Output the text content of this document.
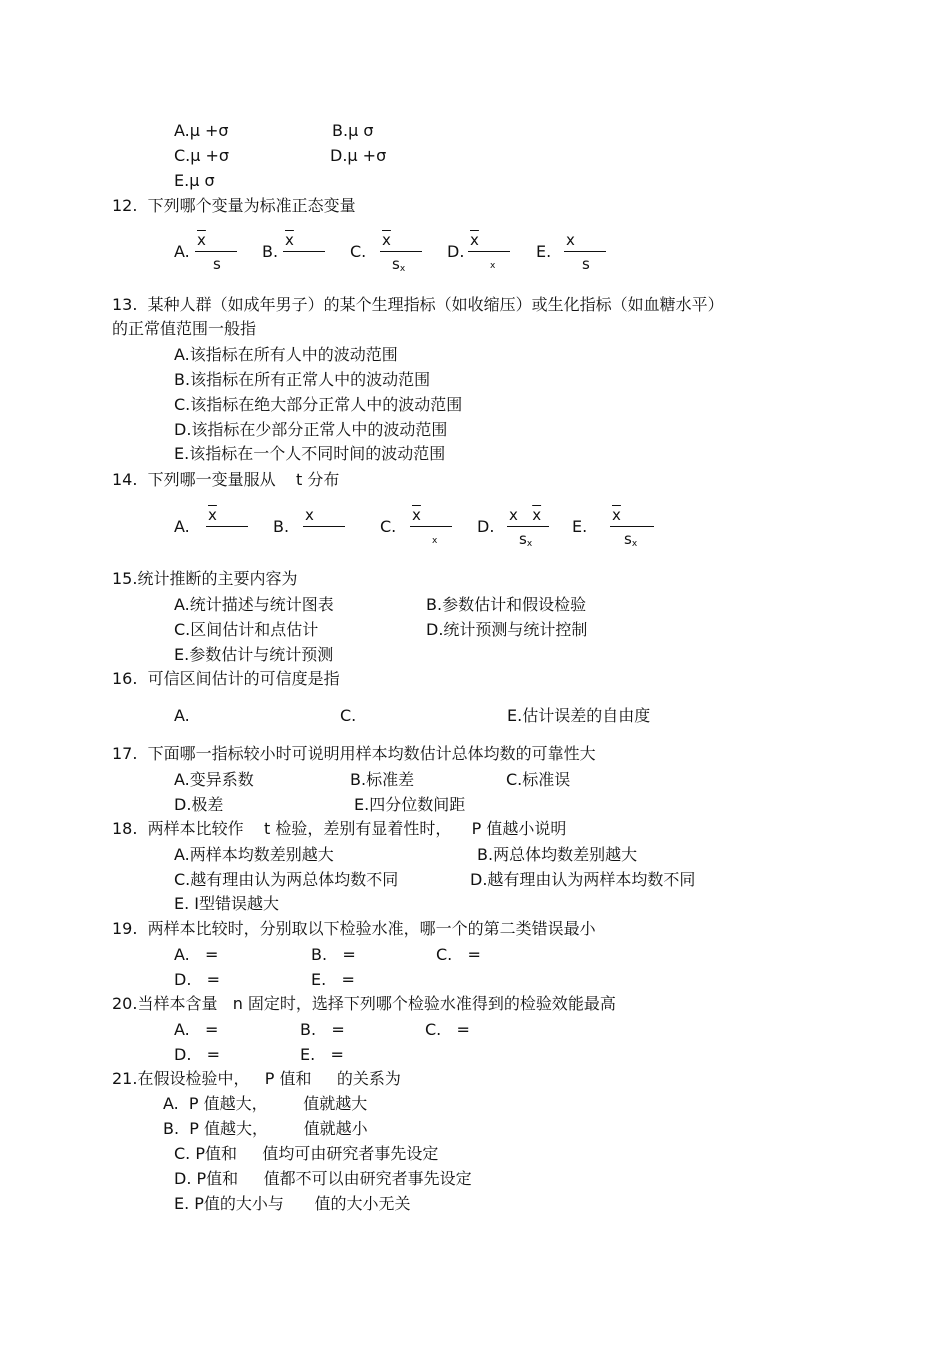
A.μ +σ	B.μ σ
C.μ +σ	D.μ +σ
E.μ σ
12.  下列哪个变量为标准正态变量
A.
$\overline{x}$
s
B.
$\overline{x}$
C.
$\overline{x}$
$s_x$
D.
$\overline{x}$
x
E.
x
s
13.  某种人群（如成年男子）的某个生理指标（如收缩压）或生化指标（如血糖水平）
的正常值范围一般指
A.该指标在所有人中的波动范围
B.该指标在所有正常人中的波动范围
C.该指标在绝大部分正常人中的波动范围
D.该指标在少部分正常人中的波动范围
E.该指标在一个人不同时间的波动范围
14.  下列哪一变量服从    t 分布
A.
$\overline{x}$
B.
x
C.
$\overline{x}$
x
D.
x   $\overline{x}$
$s_x$
E.
$\overline{x}$
$s_x$
15.统计推断的主要内容为
A.统计描述与统计图表	B.参数估计和假设检验
C.区间估计和点估计	D.统计预测与统计控制
E.参数估计与统计预测
16.  可信区间估计的可信度是指
A.	C.	E.估计误差的自由度
17.  下面哪一指标较小时可说明用样本均数估计总体均数的可靠性大
A.变异系数	B.标准差	C.标准误
D.极差	E.四分位数间距
18.  两样本比较作    t 检验，差别有显着性时，    P 值越小说明
A.两样本均数差别越大	B.两总体均数差别越大
C.越有理由认为两总体均数不同	D.越有理由认为两样本均数不同
E. I型错误越大
19.  两样本比较时，分别取以下检验水准，哪一个的第二类错误最小
A.   =	B.   =	C.   =
D.   =	E.   =
20.当样本含量   n 固定时，选择下列哪个检验水准得到的检验效能最高
A.   =	B.   =	C.   =
D.   =	E.   =
21.在假设检验中，   P 值和     的关系为
A.  P 值越大，       值就越大
B.  P 值越大，       值就越小
C. P值和     值均可由研究者事先设定
D. P值和     值都不可以由研究者事先设定
E. P值的大小与      值的大小无关
